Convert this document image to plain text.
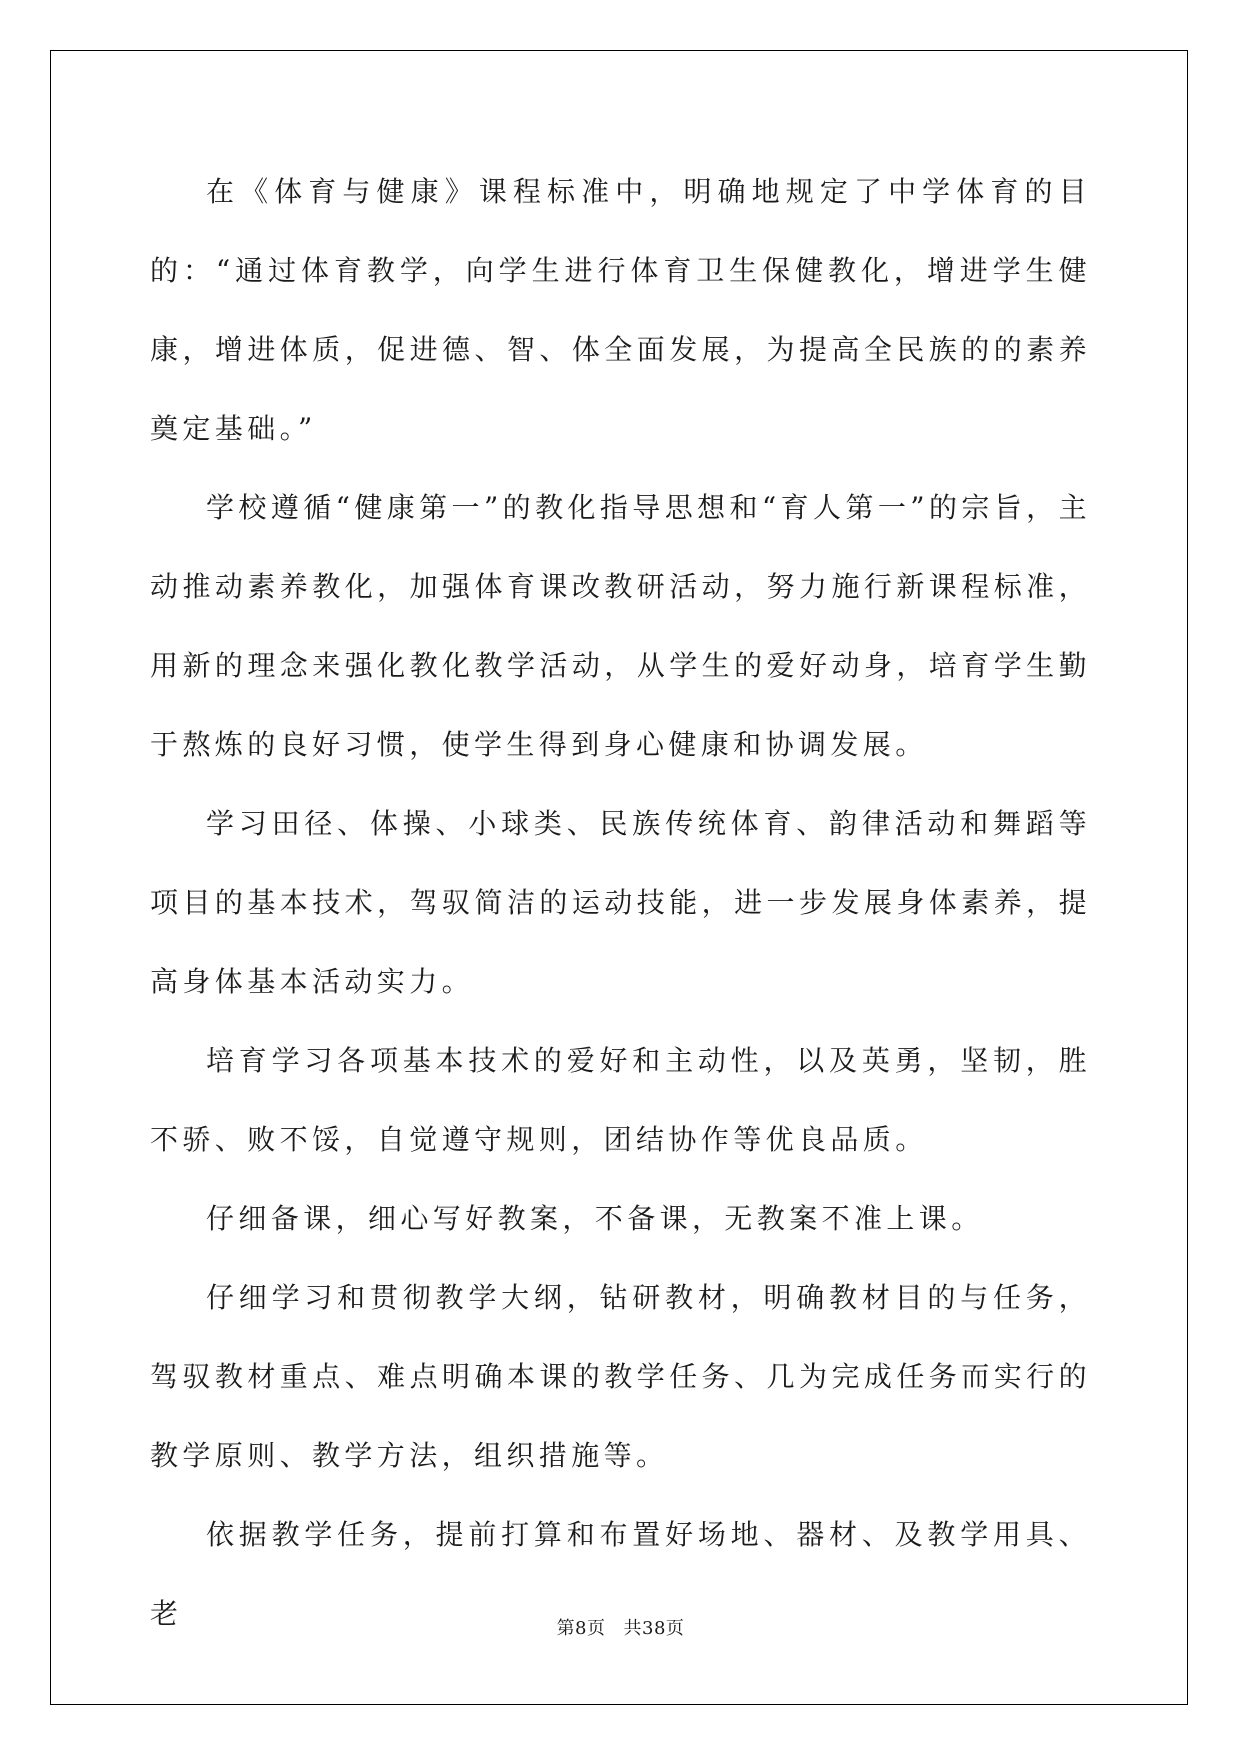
在《体育与健康》课程标准中，明确地规定了中学体育的目的：“通过体育教学，向学生进行体育卫生保健教化，增进学生健康，增进体质，促进德、智、体全面发展，为提高全民族的的素养奠定基础。”

学校遵循“健康第一”的教化指导思想和“育人第一”的宗旨，主动推动素养教化，加强体育课改教研活动，努力施行新课程标准，用新的理念来强化教化教学活动，从学生的爱好动身，培育学生勤于熬炼的良好习惯，使学生得到身心健康和协调发展。

学习田径、体操、小球类、民族传统体育、韵律活动和舞蹈等项目的基本技术，驾驭简洁的运动技能，进一步发展身体素养，提高身体基本活动实力。

培育学习各项基本技术的爱好和主动性，以及英勇，坚韧，胜不骄、败不馁，自觉遵守规则，团结协作等优良品质。

仔细备课，细心写好教案，不备课，无教案不准上课。

仔细学习和贯彻教学大纲，钻研教材，明确教材目的与任务，驾驭教材重点、难点明确本课的教学任务、几为完成任务而实行的教学原则、教学方法，组织措施等。

依据教学任务，提前打算和布置好场地、器材、及教学用具、老	第8页 共38页
